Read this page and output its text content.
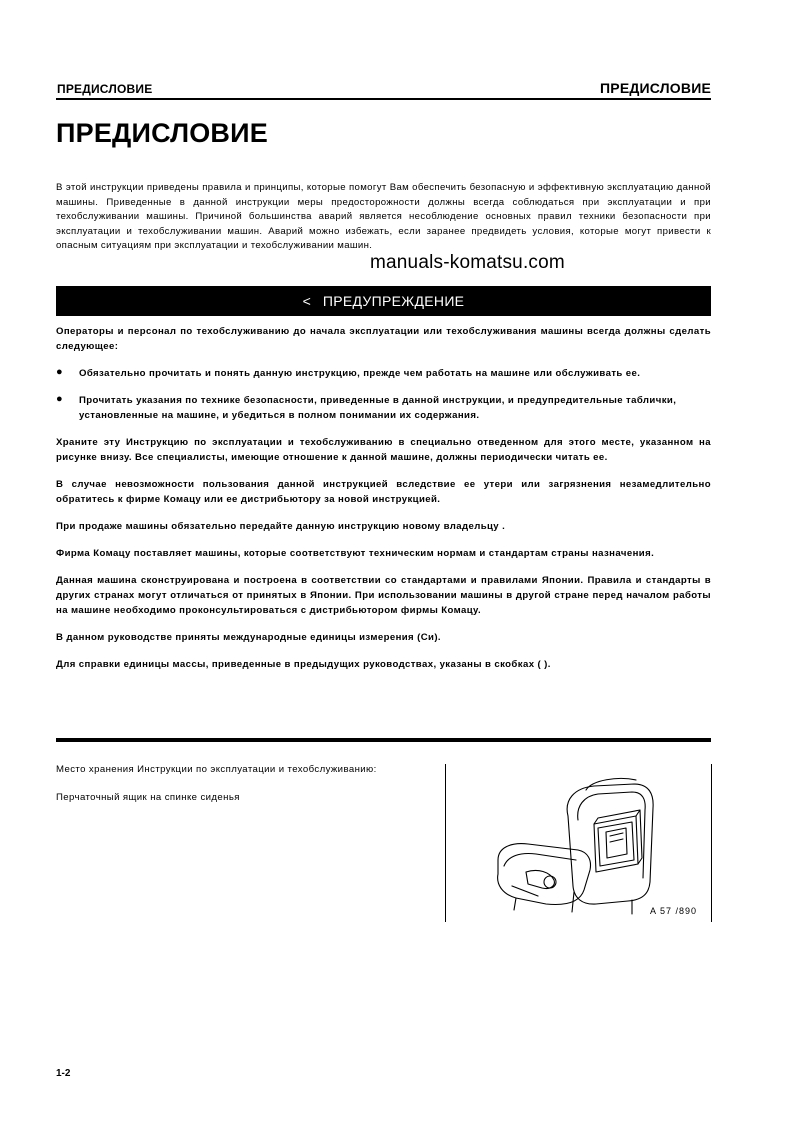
ПРЕДИСЛОВИЕ	ПРЕДИСЛОВИЕ
ПРЕДИСЛОВИЕ
В этой инструкции приведены правила и принципы, которые помогут Вам обеспечить безопасную и эффективную эксплуатацию данной машины. Приведенные в данной инструкции меры предосторожности должны всегда соблюдаться при эксплуатации и при техобслуживании машины. Причиной большинства аварий является несоблюдение основных правил техники безопасности при эксплуатации и техобслуживании машин. Аварий можно избежать, если заранее предвидеть условия, которые могут привести к опасным ситуациям при эксплуатации и техобслуживании машин.
manuals-komatsu.com
< ПРЕДУПРЕЖДЕНИЕ

Операторы и персонал по техобслуживанию до начала эксплуатации или техобслуживания машины всегда должны сделать следующее:

● Обязательно прочитать и понять данную инструкцию, прежде чем работать на машине или обслуживать ее.
● Прочитать указания по технике безопасности, приведенные в данной инструкции, и предупредительные таблички, установленные на машине, и убедиться в полном понимании их содержания.

Храните эту Инструкцию по эксплуатации и техобслуживанию в специально отведенном для этого месте, указанном на рисунке внизу. Все специалисты, имеющие отношение к данной машине, должны периодически читать ее.

В случае невозможности пользования данной инструкцией вследствие ее утери или загрязнения незамедлительно обратитесь к фирме Комацу или ее дистрибьютору за новой инструкцией.

При продаже машины обязательно передайте данную инструкцию новому владельцу .

Фирма Комацу поставляет машины, которые соответствуют техническим нормам и стандартам страны назначения.

Данная машина сконструирована и построена в соответствии со стандартами и правилами Японии. Правила и стандарты в других странах могут отличаться от принятых в Японии. При использовании машины в другой стране перед началом работы на машине необходимо проконсультироваться с дистрибьютором фирмы Комацу.

В данном руководстве приняты международные единицы измерения (Си).

Для справки единицы массы, приведенные в предыдущих руководствах, указаны в скобках ( ).

Место хранения Инструкции по эксплуатации и техобслуживанию:

Перчаточный ящик на спинке сиденья

A 57 /890
1-2
